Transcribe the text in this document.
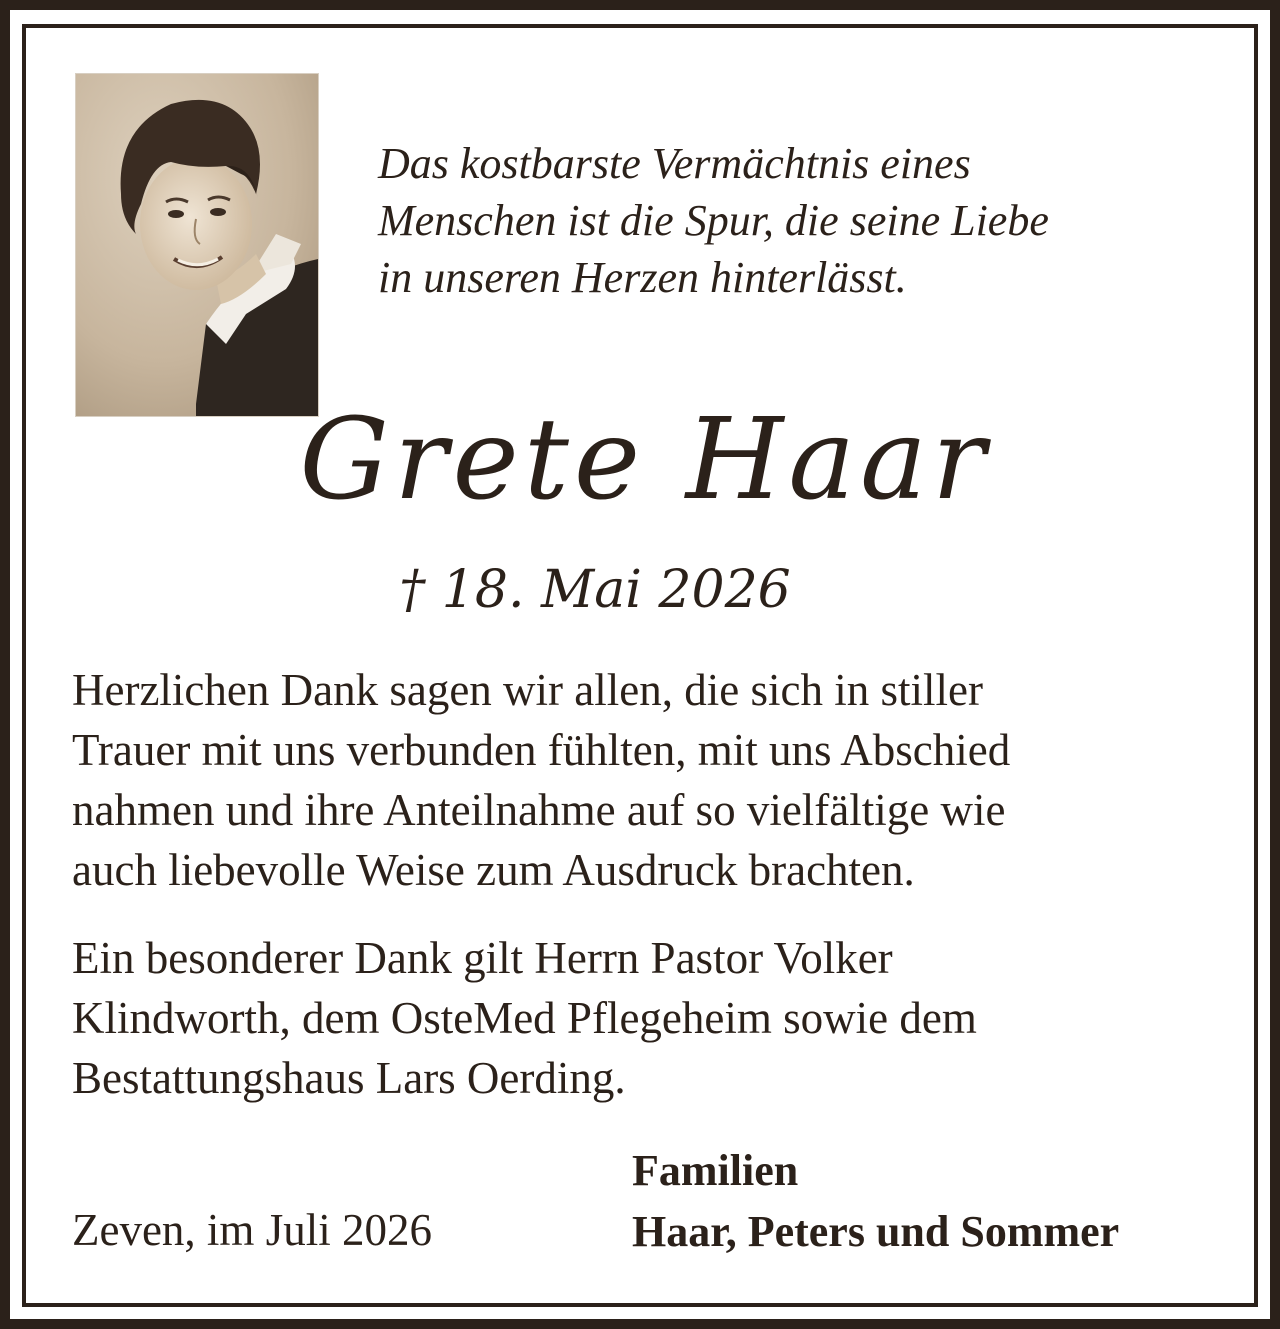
Das kostbarste Vermächtnis eines
Menschen ist die Spur, die seine Liebe
in unseren Herzen hinterlässt.
Grete Haar
† 18. Mai 2026
Herzlichen Dank sagen wir allen, die sich in stiller
Trauer mit uns verbunden fühlten, mit uns Abschied
nahmen und ihre Anteilnahme auf so vielfältige wie
auch liebevolle Weise zum Ausdruck brachten.
Ein besonderer Dank gilt Herrn Pastor Volker
Klindworth, dem OsteMed Pflegeheim sowie dem
Bestattungshaus Lars Oerding.
Zeven, im Juli 2026
Familien
Haar, Peters und Sommer
